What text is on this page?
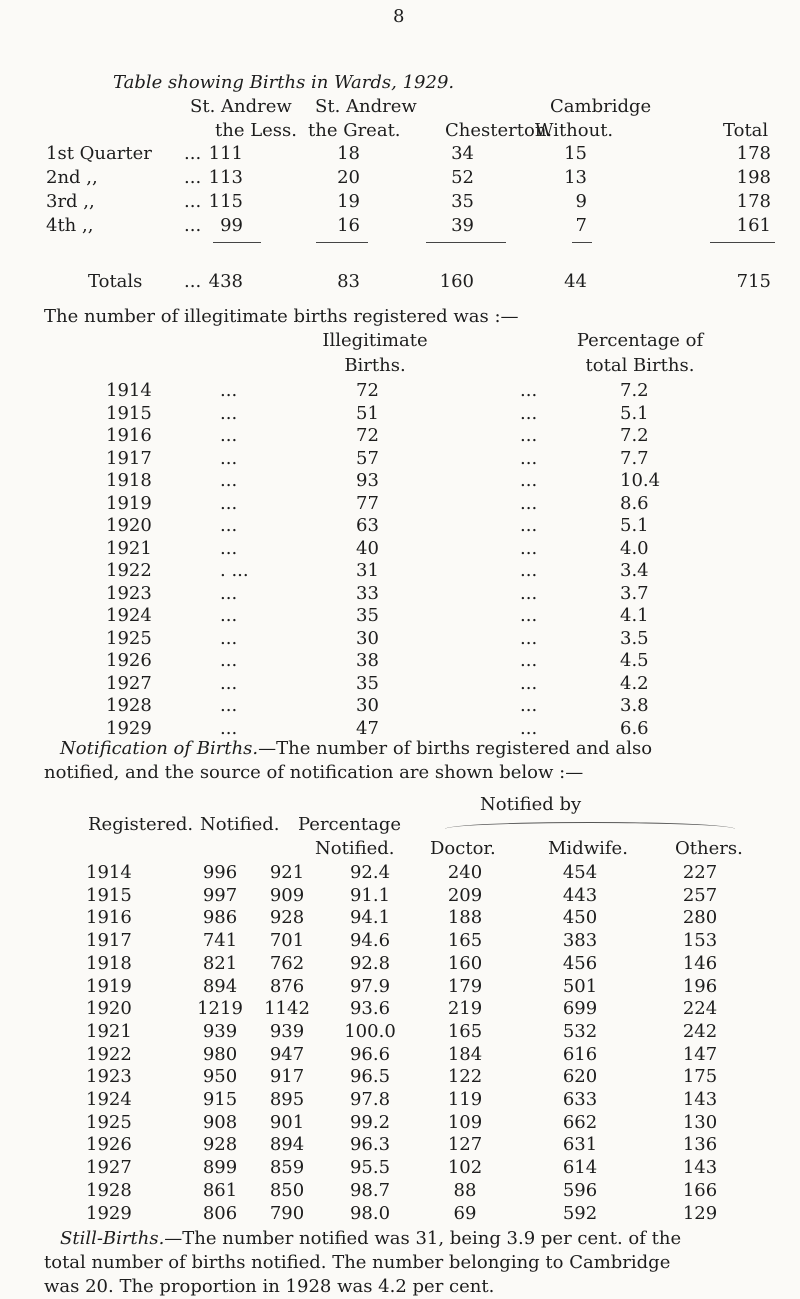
8
Table showing Births in Wards, 1929.
St. Andrew St. Andrew	Cambridge
the Less. the Great. Chesterton.
Without.	Total
1st Quarter ... 111	18	34	15	178
2nd ,,	... 113	20	52	13	198
3rd ,,	... 115	19	35	9	178
4th ,,	...	99	16	39	7	161
Totals ... 438	83	160	44	715
The number of illegitimate births registered was :—
Illegitimate
Births.
Percentage of
total Births.
1914	...	72	...	7.2
1915	...	51	...	5.1
1916	...	72	...	7.2
1917	...	57	...	7.7
1918	...	93	...	10.4
1919	...	77	...	8.6
1920	...	63	...	5.1
1921	...	40	...	4.0
1922	. ...	31	...	3.4
1923	...	33	...	3.7
1924	...	35	...	4.1
1925	...	30	...	3.5
1926	...	38	...	4.5
1927	...	35	...	4.2
1928	...	30	...	3.8
1929	...	47	...	6.6
Notification of Births.—The number of births registered and also
notified, and the source of notification are shown below :—
Notified by
Registered. Notified. Percentage
Notified. Doctor.	Midwife.	Others.
1914	996	921	92.4	240	454	227
1915	997	909	91.1	209	443	257
1916	986	928	94.1	188	450	280
1917	741	701	94.6	165	383	153
1918	821	762	92.8	160	456	146
1919	894	876	97.9	179	501	196
1920	1219	1142	93.6	219	699	224
1921	939	939	100.0	165	532	242
1922	980	947	96.6	184	616	147
1923	950	917	96.5	122	620	175
1924	915	895	97.8	119	633	143
1925	908	901	99.2	109	662	130
1926	928	894	96.3	127	631	136
1927	899	859	95.5	102	614	143
1928	861	850	98.7	88	596	166
1929	806	790	98.0	69	592	129
Still-Births.—The number notified was 31, being 3.9 per cent. of the
total number of births notified. The number belonging to Cambridge
was 20. The proportion in 1928 was 4.2 per cent.
